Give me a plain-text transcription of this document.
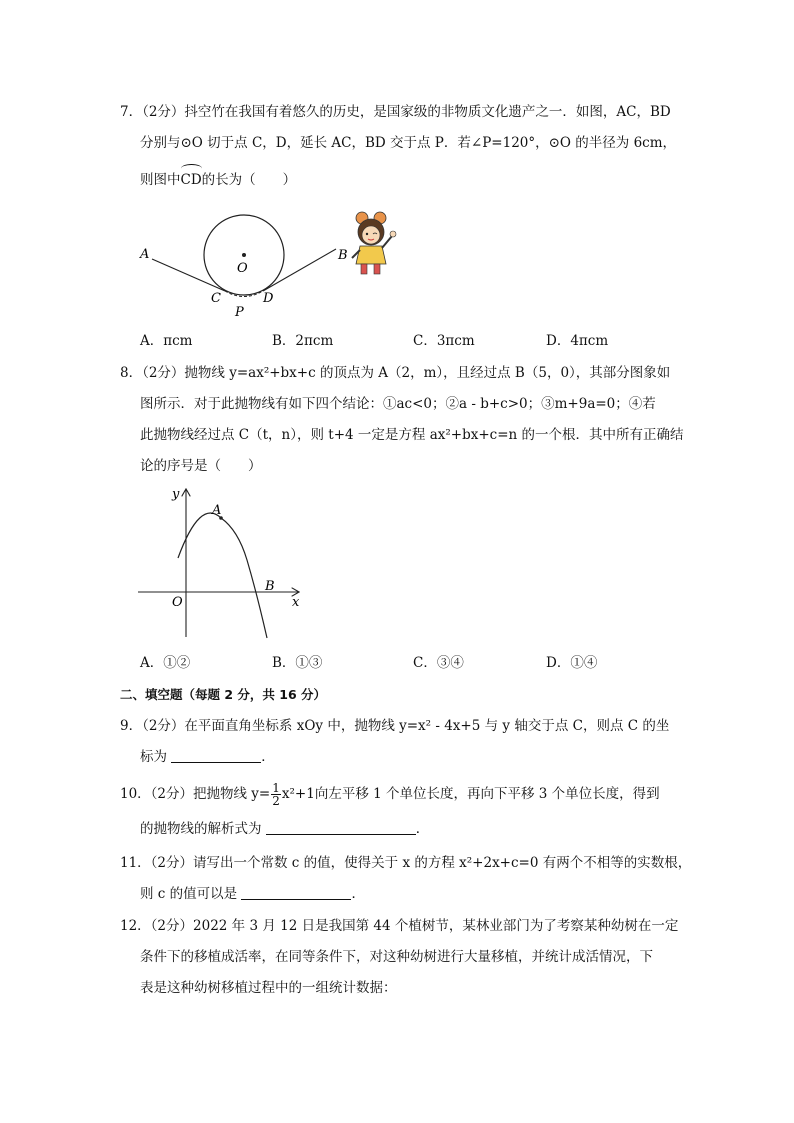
7．（2分）抖空竹在我国有着悠久的历史，是国家级的非物质文化遗产之一．如图，AC，BD
分别与⊙O 切于点 C，D，延长 AC，BD 交于点 P．若∠P=120°，⊙O 的半径为 6cm，
则图中
CD的长为（　　）
A	B
O
C	D
P
A．πcm	B．2πcm	C．3πcm	D．4πcm
8．（2分）抛物线 y=ax²+bx+c 的顶点为 A（2，m），且经过点 B（5，0），其部分图象如
图所示．对于此抛物线有如下四个结论：①ac<0；②a - b+c>0；③m+9a=0；④若
此抛物线经过点 C（t，n），则 t+4 一定是方程 ax²+bx+c=n 的一个根．其中所有正确结
论的序号是（　　）
y
x
O
A
B
A．①②	B．①③	C．③④	D．①④
二、填空题（每题 2 分，共 16 分）
9．（2分）在平面直角坐标系 xOy 中，抛物线 y=x² - 4x+5 与 y 轴交于点 C，则点 C 的坐
标为	．
10．（2分）把抛物线 $y= \frac{1}{2} x^2+1$向左平移 1 个单位长度，再向下平移 3 个单位长度，得到
的抛物线的解析式为	．
11．（2分）请写出一个常数 c 的值，使得关于 x 的方程 x²+2x+c=0 有两个不相等的实数根，
则 c 的值可以是	．
12．（2分）2022 年 3 月 12 日是我国第 44 个植树节，某林业部门为了考察某种幼树在一定
条件下的移植成活率，在同等条件下，对这种幼树进行大量移植，并统计成活情况，下
表是这种幼树移植过程中的一组统计数据：
